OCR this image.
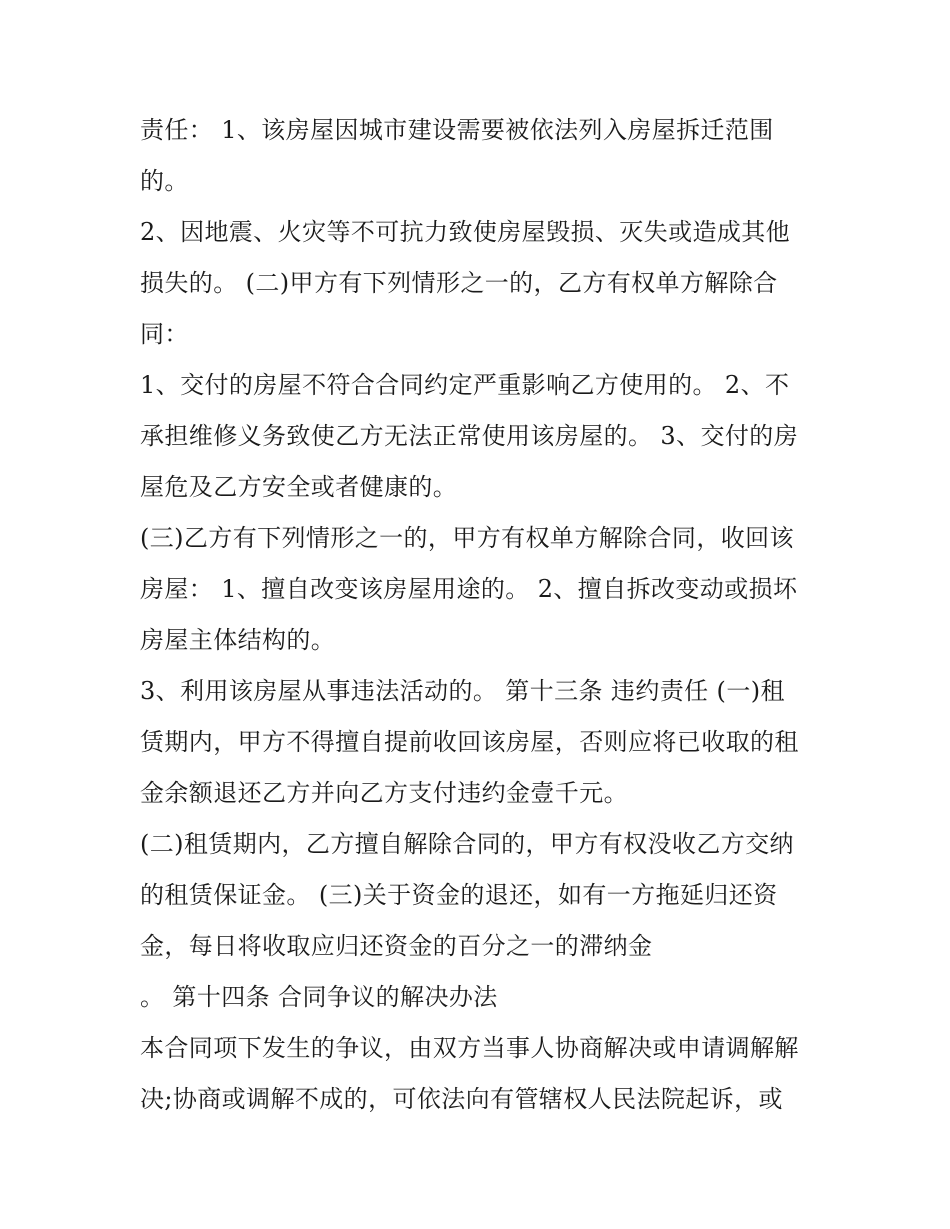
责任： 1、该房屋因城市建设需要被依法列入房屋拆迁范围
的。
2、因地震、火灾等不可抗力致使房屋毁损、灭失或造成其他
损失的。 (二)甲方有下列情形之一的，乙方有权单方解除合
同：
1、交付的房屋不符合合同约定严重影响乙方使用的。 2、不
承担维修义务致使乙方无法正常使用该房屋的。 3、交付的房
屋危及乙方安全或者健康的。
(三)乙方有下列情形之一的，甲方有权单方解除合同，收回该
房屋： 1、擅自改变该房屋用途的。 2、擅自拆改变动或损坏
房屋主体结构的。
3、利用该房屋从事违法活动的。 第十三条 违约责任 (一)租
赁期内，甲方不得擅自提前收回该房屋，否则应将已收取的租
金余额退还乙方并向乙方支付违约金壹千元。
(二)租赁期内，乙方擅自解除合同的，甲方有权没收乙方交纳
的租赁保证金。 (三)关于资金的退还，如有一方拖延归还资
金，每日将收取应归还资金的百分之一的滞纳金
。 第十四条 合同争议的解决办法
本合同项下发生的争议，由双方当事人协商解决或申请调解解
决;协商或调解不成的，可依法向有管辖权人民法院起诉，或
